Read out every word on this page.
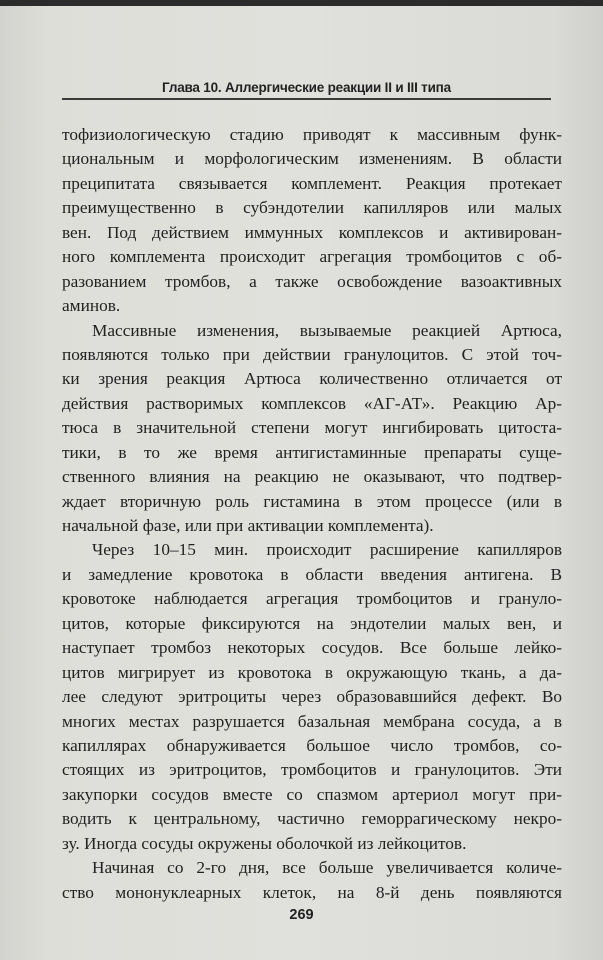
Глава 10. Аллергические реакции II и III типа
тофизиологическую стадию приводят к массивным функ-
циональным и морфологическим изменениям. В области
преципитата связывается комплемент. Реакция протекает
преимущественно в субэндотелии капилляров или малых
вен. Под действием иммунных комплексов и активирован-
ного комплемента происходит агрегация тромбоцитов с об-
разованием тромбов, а также освобождение вазоактивных
аминов.
Массивные изменения, вызываемые реакцией Артюса,
появляются только при действии гранулоцитов. С этой точ-
ки зрения реакция Артюса количественно отличается от
действия растворимых комплексов «АГ-АТ». Реакцию Ар-
тюса в значительной степени могут ингибировать цитоста-
тики, в то же время антигистаминные препараты суще-
ственного влияния на реакцию не оказывают, что подтвер-
ждает вторичную роль гистамина в этом процессе (или в
начальной фазе, или при активации комплемента).
Через 10–15 мин. происходит расширение капилляров
и замедление кровотока в области введения антигена. В
кровотоке наблюдается агрегация тромбоцитов и грануло-
цитов, которые фиксируются на эндотелии малых вен, и
наступает тромбоз некоторых сосудов. Все больше лейко-
цитов мигрирует из кровотока в окружающую ткань, а да-
лее следуют эритроциты через образовавшийся дефект. Во
многих местах разрушается базальная мембрана сосуда, а в
капиллярах обнаруживается большое число тромбов, со-
стоящих из эритроцитов, тромбоцитов и гранулоцитов. Эти
закупорки сосудов вместе со спазмом артериол могут при-
водить к центральному, частично геморрагическому некро-
зу. Иногда сосуды окружены оболочкой из лейкоцитов.
Начиная со 2-го дня, все больше увеличивается количе-
ство мононуклеарных клеток, на 8-й день появляются
269
